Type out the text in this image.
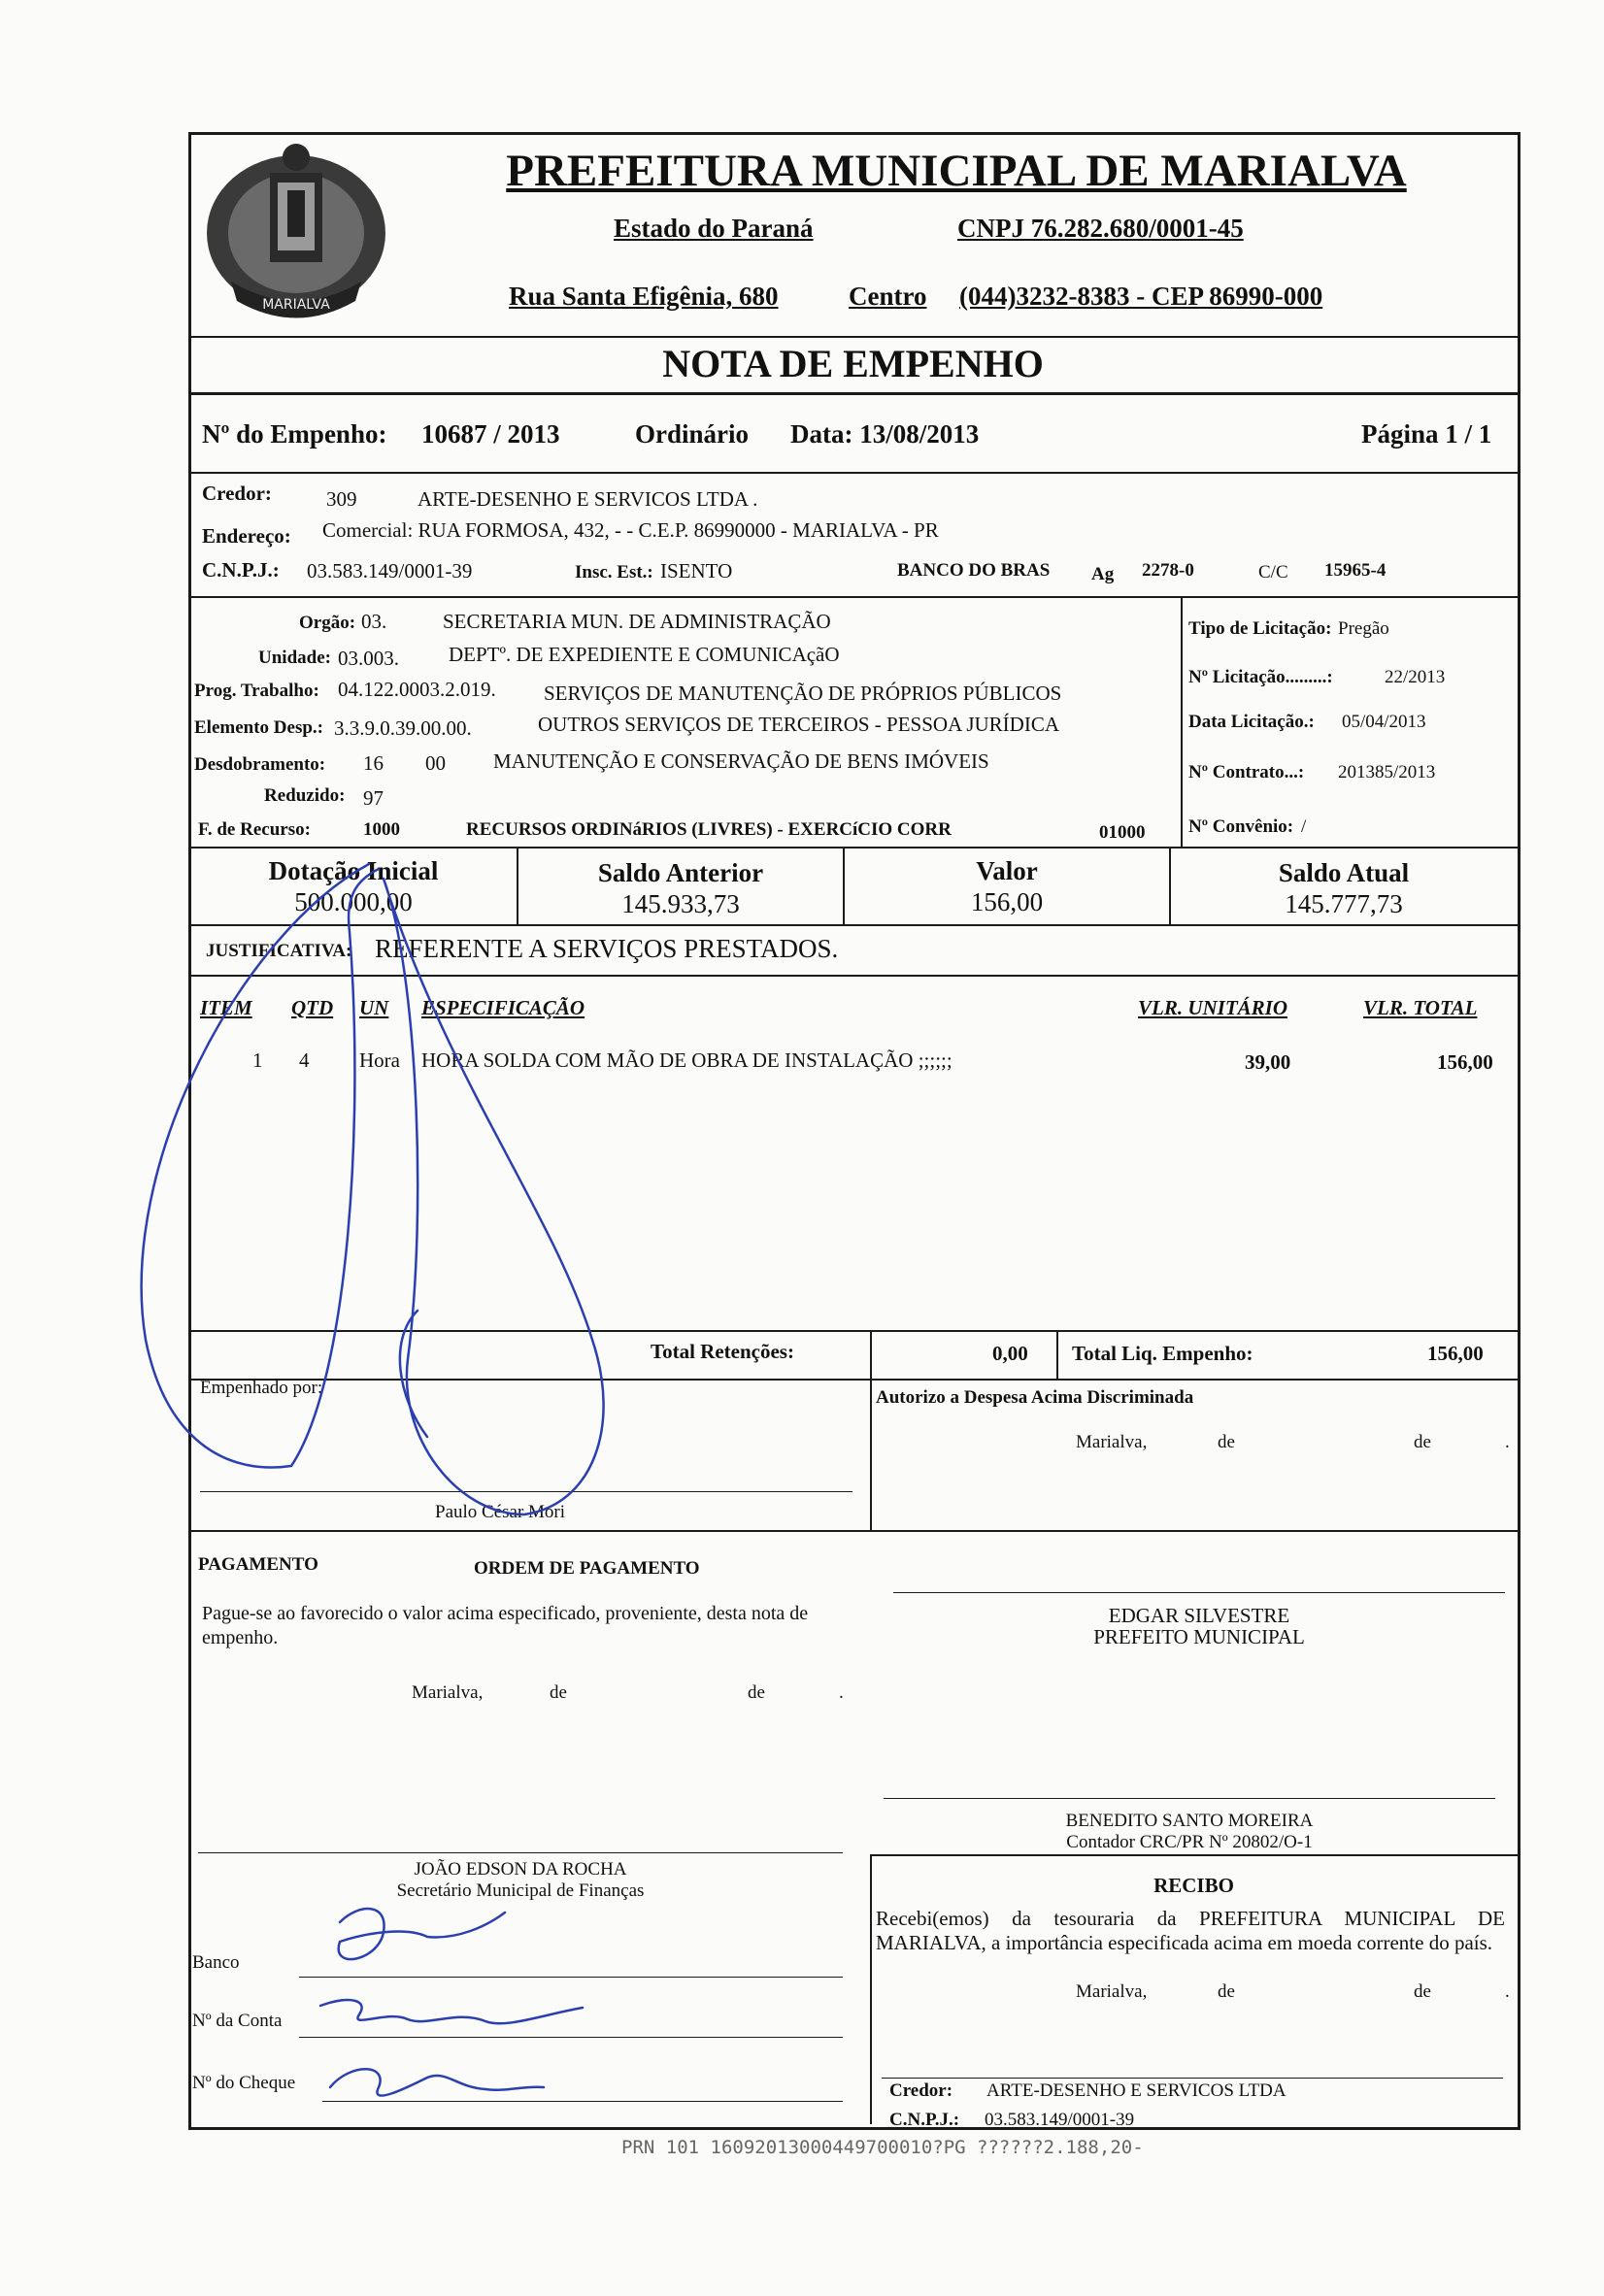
MARIALVA
PREFEITURA MUNICIPAL DE MARIALVA
Estado do Paraná	CNPJ 76.282.680/0001-45
Rua Santa Efigênia, 680	Centro (044)3232-8383 - CEP 86990-000
NOTA DE EMPENHO
Nº do Empenho: 10687 / 2013	Ordinário Data: 13/08/2013	Página 1 / 1
Credor:	309	ARTE-DESENHO E SERVICOS LTDA .
Endereço: Comercial: RUA FORMOSA, 432, - - C.E.P. 86990000 - MARIALVA - PR
C.N.P.J.: 03.583.149/0001-39	Insc. Est.: ISENTO	BANCO DO BRAS Ag 2278-0	C/C 15965-4
Orgão: 03.	SECRETARIA MUN. DE ADMINISTRAÇÃO
Unidade: 03.003. DEPTº. DE EXPEDIENTE E COMUNICAçãO
Prog. Trabalho: 04.122.0003.2.019. SERVIÇOS DE MANUTENÇÃO DE PRÓPRIOS PÚBLICOS
Elemento Desp.: 3.3.9.0.39.00.00.	OUTROS SERVIÇOS DE TERCEIROS - PESSOA JURÍDICA
Desdobramento: 16 00 MANUTENÇÃO E CONSERVAÇÃO DE BENS IMÓVEIS
Reduzido: 97
F. de Recurso:	1000	RECURSOS ORDINáRIOS (LIVRES) - EXERCíCIO CORR	01000
Tipo de Licitação: Pregão
Nº Licitação.........:	22/2013
Data Licitação.: 05/04/2013
Nº Contrato...: 201385/2013
Nº Convênio: /
Dotação Inicial
500.000,00
Saldo Anterior
145.933,73
Valor
156,00
Saldo Atual
145.777,73
JUSTIFICATIVA: REFERENTE A SERVIÇOS PRESTADOS.
ITEM QTD UN ESPECIFICAÇÃO	VLR. UNITÁRIO	VLR. TOTAL
1 4 Hora HORA SOLDA COM MÃO DE OBRA DE INSTALAÇÃO ;;;;;;	39,00	156,00
Total Retenções:	0,00 Total Liq. Empenho:	156,00
Empenhado por:
Paulo César Mori
Autorizo a Despesa Acima Discriminada
Marialva,	de	de	.
PAGAMENTO	ORDEM DE PAGAMENTO
Pague-se ao favorecido o valor acima especificado, proveniente, desta nota de empenho.
Marialva,	de	de	.
EDGAR SILVESTRE
PREFEITO MUNICIPAL
BENEDITO SANTO MOREIRA
Contador CRC/PR Nº 20802/O-1
JOÃO EDSON DA ROCHA
Secretário Municipal de Finanças	RECIBO
Recebi(emos) da tesouraria da PREFEITURA MUNICIPAL DE MARIALVA, a importância especificada acima em moeda corrente do país.
Marialva,	de	de	.
Credor: ARTE-DESENHO E SERVICOS LTDA
C.N.P.J.: 03.583.149/0001-39
Banco
Nº da Conta
Nº do Cheque
PRN 101 16092013000449700010?PG ??????2.188,20-
